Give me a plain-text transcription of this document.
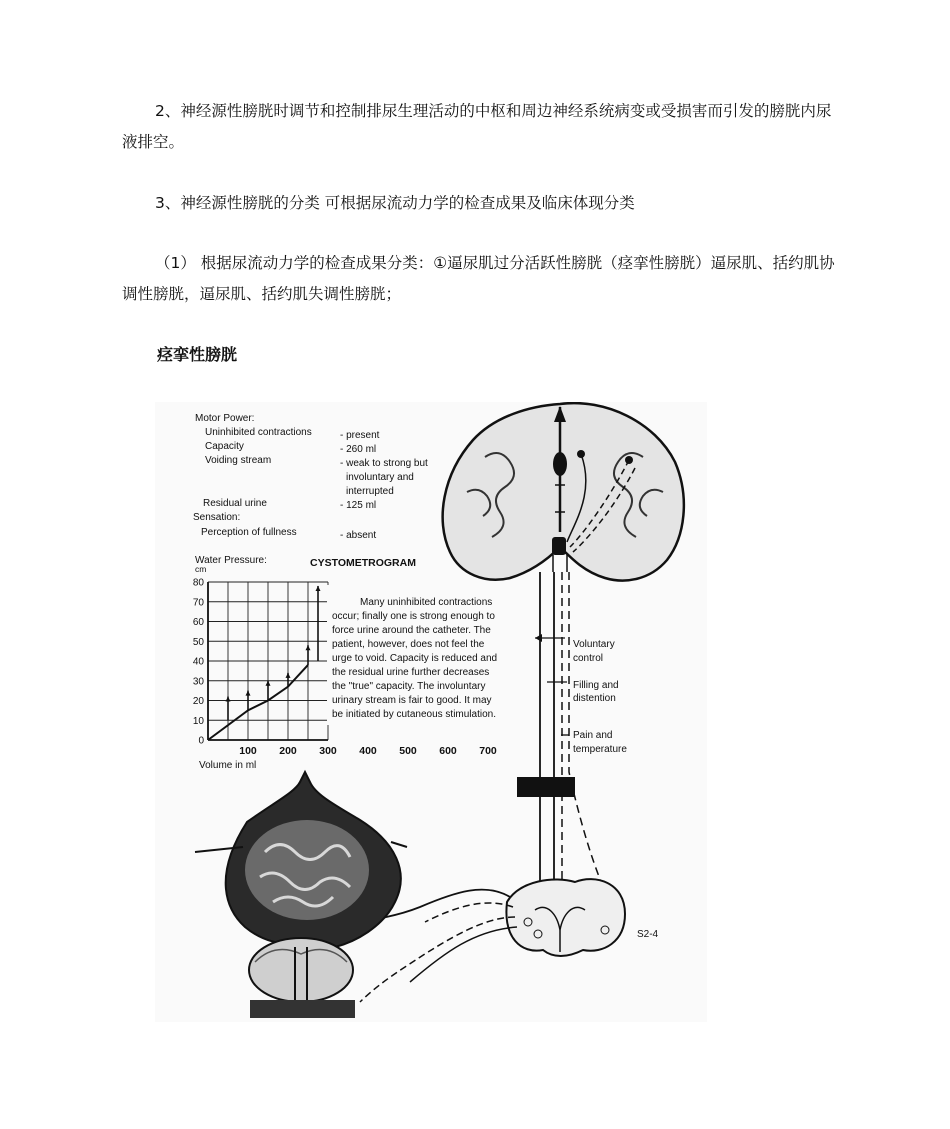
2、神经源性膀胱时调节和控制排尿生理活动的中枢和周边神经系统病变或受损害而引发的膀胱内尿液排空。
3、神经源性膀胱的分类 可根据尿流动力学的检查成果及临床体现分类
（1） 根据尿流动力学的检查成果分类：①逼尿肌过分活跃性膀胱（痉挛性膀胱）逼尿肌、括约肌协调性膀胱，逼尿肌、括约肌失调性膀胱；
痉挛性膀胱
Motor Power:
Uninhibited contractions	- present
Capacity	- 260 ml
Voiding stream	- weak to strong but
involuntary and
interrupted
Residual urine	- 125 ml
Sensation:
Perception of fullness	- absent
Water Pressure:
cm	CYSTOMETROGRAM
0
10
20
30
40
50
60
70
80
100 200 300 400 500 600 700
Volume in ml
Many uninhibited contractions
occur; finally one is strong enough to
force urine around the catheter. The
patient, however, does not feel the
urge to void. Capacity is reduced and
the residual urine further decreases
the "true" capacity. The involuntary
urinary stream is fair to good. It may
be initiated by cutaneous stimulation.
Voluntary
control
Filling and
distention
Pain and
temperature
S2-4
